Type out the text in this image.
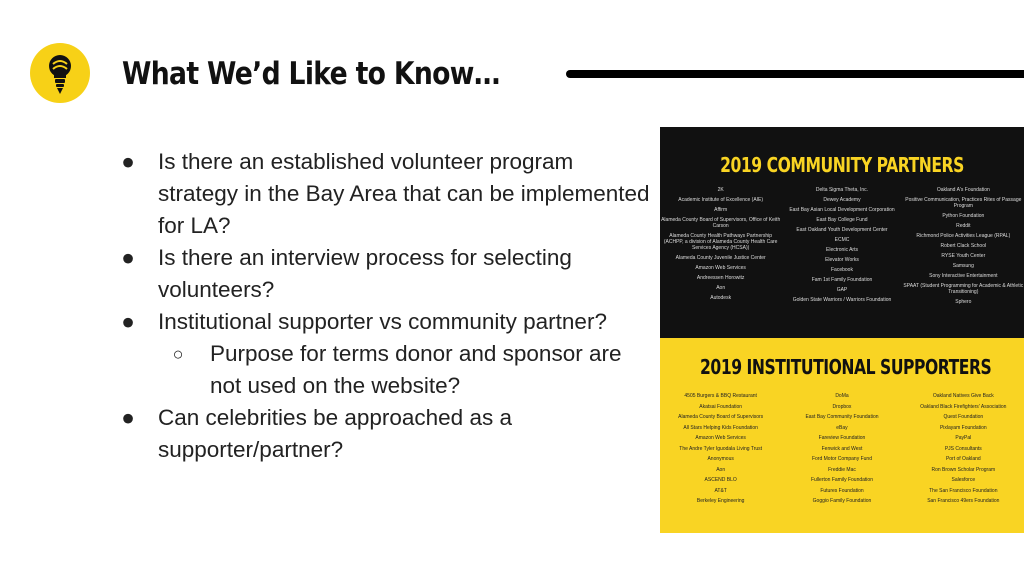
What We’d Like to Know…
● Is there an established volunteer program strategy in the Bay Area that can be implemented for LA?
● Is there an interview process for selecting volunteers?
● Institutional supporter vs community partner?
○ Purpose for terms donor and sponsor are not used on the website?
● Can celebrities be approached as a supporter/partner?
2019 COMMUNITY PARTNERS
2K
Academic Institute of Excellence (AIE)
Affirm
Alameda County Board of Supervisors, Office of Keith Carson
Alameda County Health Pathways Partnership (ACHPP, a division of Alameda County Health Care Services Agency (HCSA))
Alameda County Juvenile Justice Center
Amazon Web Services
Andreessen Horowitz
Aon
Autodesk
Delta Sigma Theta, Inc.
Dewey Academy
East Bay Asian Local Development Corporation
East Bay College Fund
East Oakland Youth Development Center
ECMC
Electronic Arts
Elevator Works
Facebook
Fam 1st Family Foundation
GAP
Golden State Warriors / Warriors Foundation
Oakland A's Foundation
Positive Communication, Practices Rites of Passage Program
Python Foundation
Reddit
Richmond Police Activities League (RPAL)
Robert Clack School
RYSE Youth Center
Samsung
Sony Interactive Entertainment
SPAAT (Student Programming for Academic & Athletic Transitioning)
Sphero
2019 INSTITUTIONAL SUPPORTERS
4505 Burgers & BBQ Restaurant
Akatsai Foundation
Alameda County Board of Supervisors
All Stars Helping Kids Foundation
Amazon Web Services
The Andre Tyler Iguodala Living Trust
Anonymous
Aon
ASCEND BLO
AT&T
Berkeley Engineering
DoMa
Dropbox
East Bay Community Foundation
eBay
Fareview Foundation
Fenwick and West
Ford Motor Company Fund
Freddie Mac
Fullerton Family Foundation
Futures Foundation
Goggio Family Foundation
Oakland Natives Give Back
Oakland Black Firefighters' Association
Quest Foundation
Pixlayam Foundation
PayPal
PJS Consultants
Port of Oakland
Ron Brown Scholar Program
Salesforce
The San Francisco Foundation
San Francisco 49ers Foundation
